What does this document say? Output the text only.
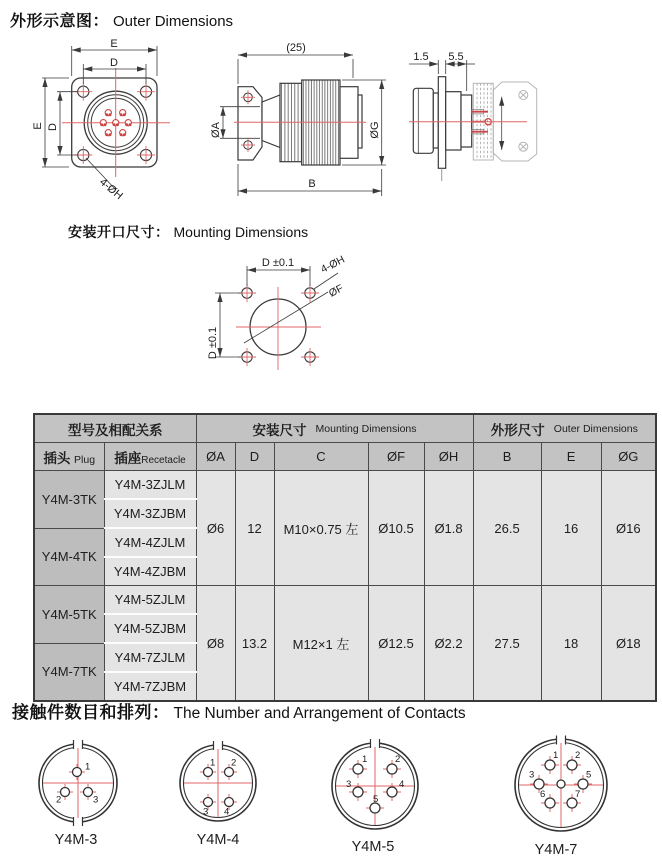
外形示意图： Outer Dimensions
E
D
E D
4-ØH
(25)
ØA	ØG
B
1.5 5.5
安装开口尺寸： Mounting Dimensions
D ±0.1
D ±0.1
4-ØH
ØF
型号及相配关系		安装尺寸 Mounting Dimensions					外形尺寸 Outer Dimensions		

插头 Plug	插座Recetacle	ØA	D	C	ØF	ØH	B	E	ØG
Y4M-3TK	Y4M-3ZJLM	Ø6	12	M10×0.75 左	Ø10.5	Ø1.8	26.5	16	Ø16
	Y4M-3ZJBM								
Y4M-4TK	Y4M-4ZJLM								
	Y4M-4ZJBM								
Y4M-5TK	Y4M-5ZJLM	Ø8	13.2	M12×1 左	Ø12.5	Ø2.2	27.5	18	Ø18
	Y4M-5ZJBM								
Y4M-7TK	Y4M-7ZJLM								
	Y4M-7ZJBM								
接触件数目和排列： The Number and Arrangement of Contacts
1
2	3
Y4M-3
1 2
3 4
Y4M-4
1	2
3	4
5
Y4M-5
1 2
3	5
6	7
Y4M-7
